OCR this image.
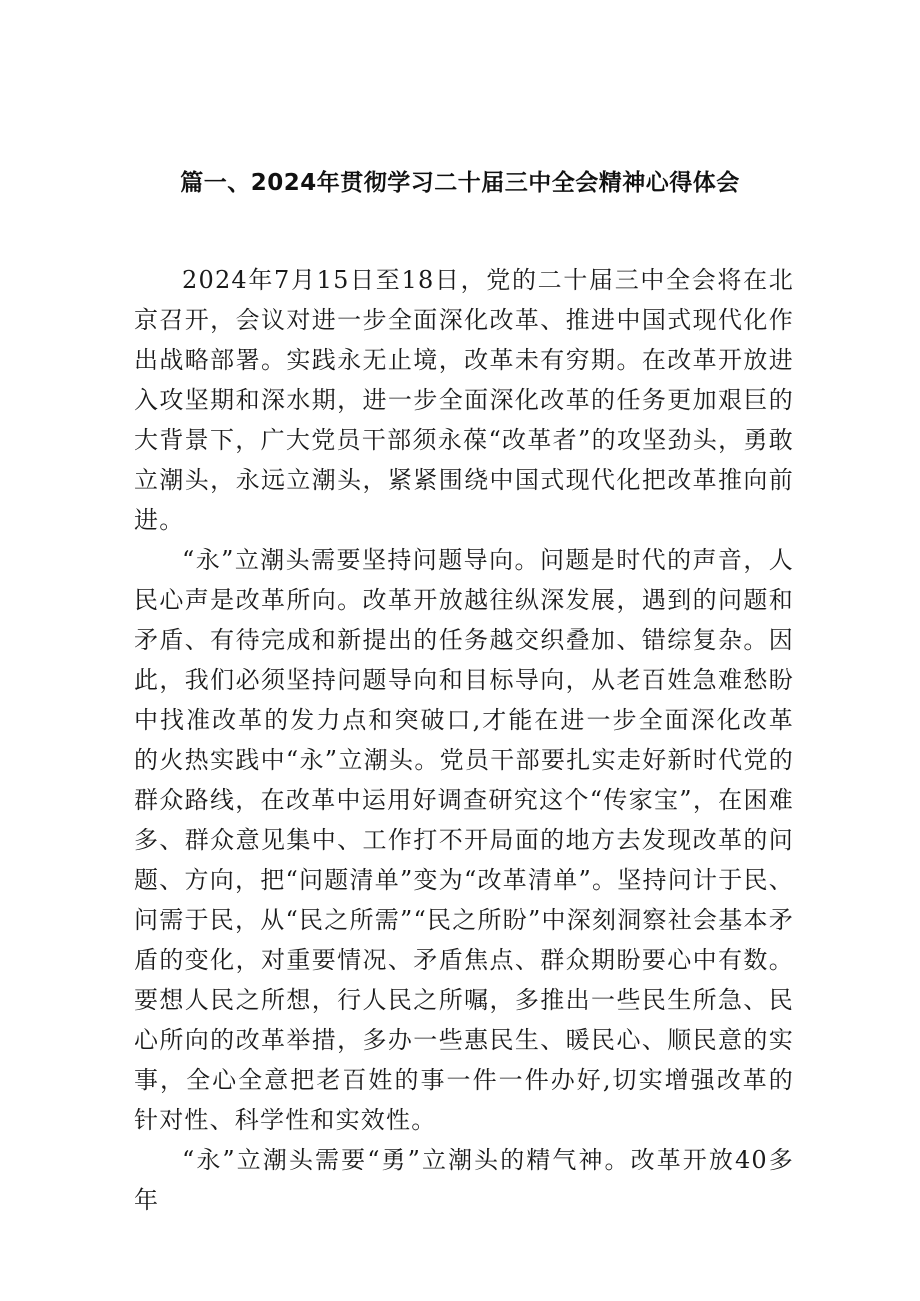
篇一、2024年贯彻学习二十届三中全会精神心得体会

2024年7月15日至18日，党的二十届三中全会将在北京召开，会议对进一步全面深化改革、推进中国式现代化作出战略部署。实践永无止境，改革未有穷期。在改革开放进入攻坚期和深水期，进一步全面深化改革的任务更加艰巨的大背景下，广大党员干部须永葆“改革者”的攻坚劲头，勇敢立潮头，永远立潮头，紧紧围绕中国式现代化把改革推向前进。

“永”立潮头需要坚持问题导向。问题是时代的声音，人民心声是改革所向。改革开放越往纵深发展，遇到的问题和矛盾、有待完成和新提出的任务越交织叠加、错综复杂。因此，我们必须坚持问题导向和目标导向，从老百姓急难愁盼中找准改革的发力点和突破口,才能在进一步全面深化改革的火热实践中“永”立潮头。党员干部要扎实走好新时代党的群众路线，在改革中运用好调查研究这个“传家宝”，在困难多、群众意见集中、工作打不开局面的地方去发现改革的问题、方向，把“问题清单”变为“改革清单”。坚持问计于民、问需于民，从“民之所需”“民之所盼”中深刻洞察社会基本矛盾的变化，对重要情况、矛盾焦点、群众期盼要心中有数。要想人民之所想，行人民之所嘱，多推出一些民生所急、民心所向的改革举措，多办一些惠民生、暖民心、顺民意的实事，全心全意把老百姓的事一件一件办好,切实增强改革的针对性、科学性和实效性。

“永”立潮头需要“勇”立潮头的精气神。改革开放40多年
